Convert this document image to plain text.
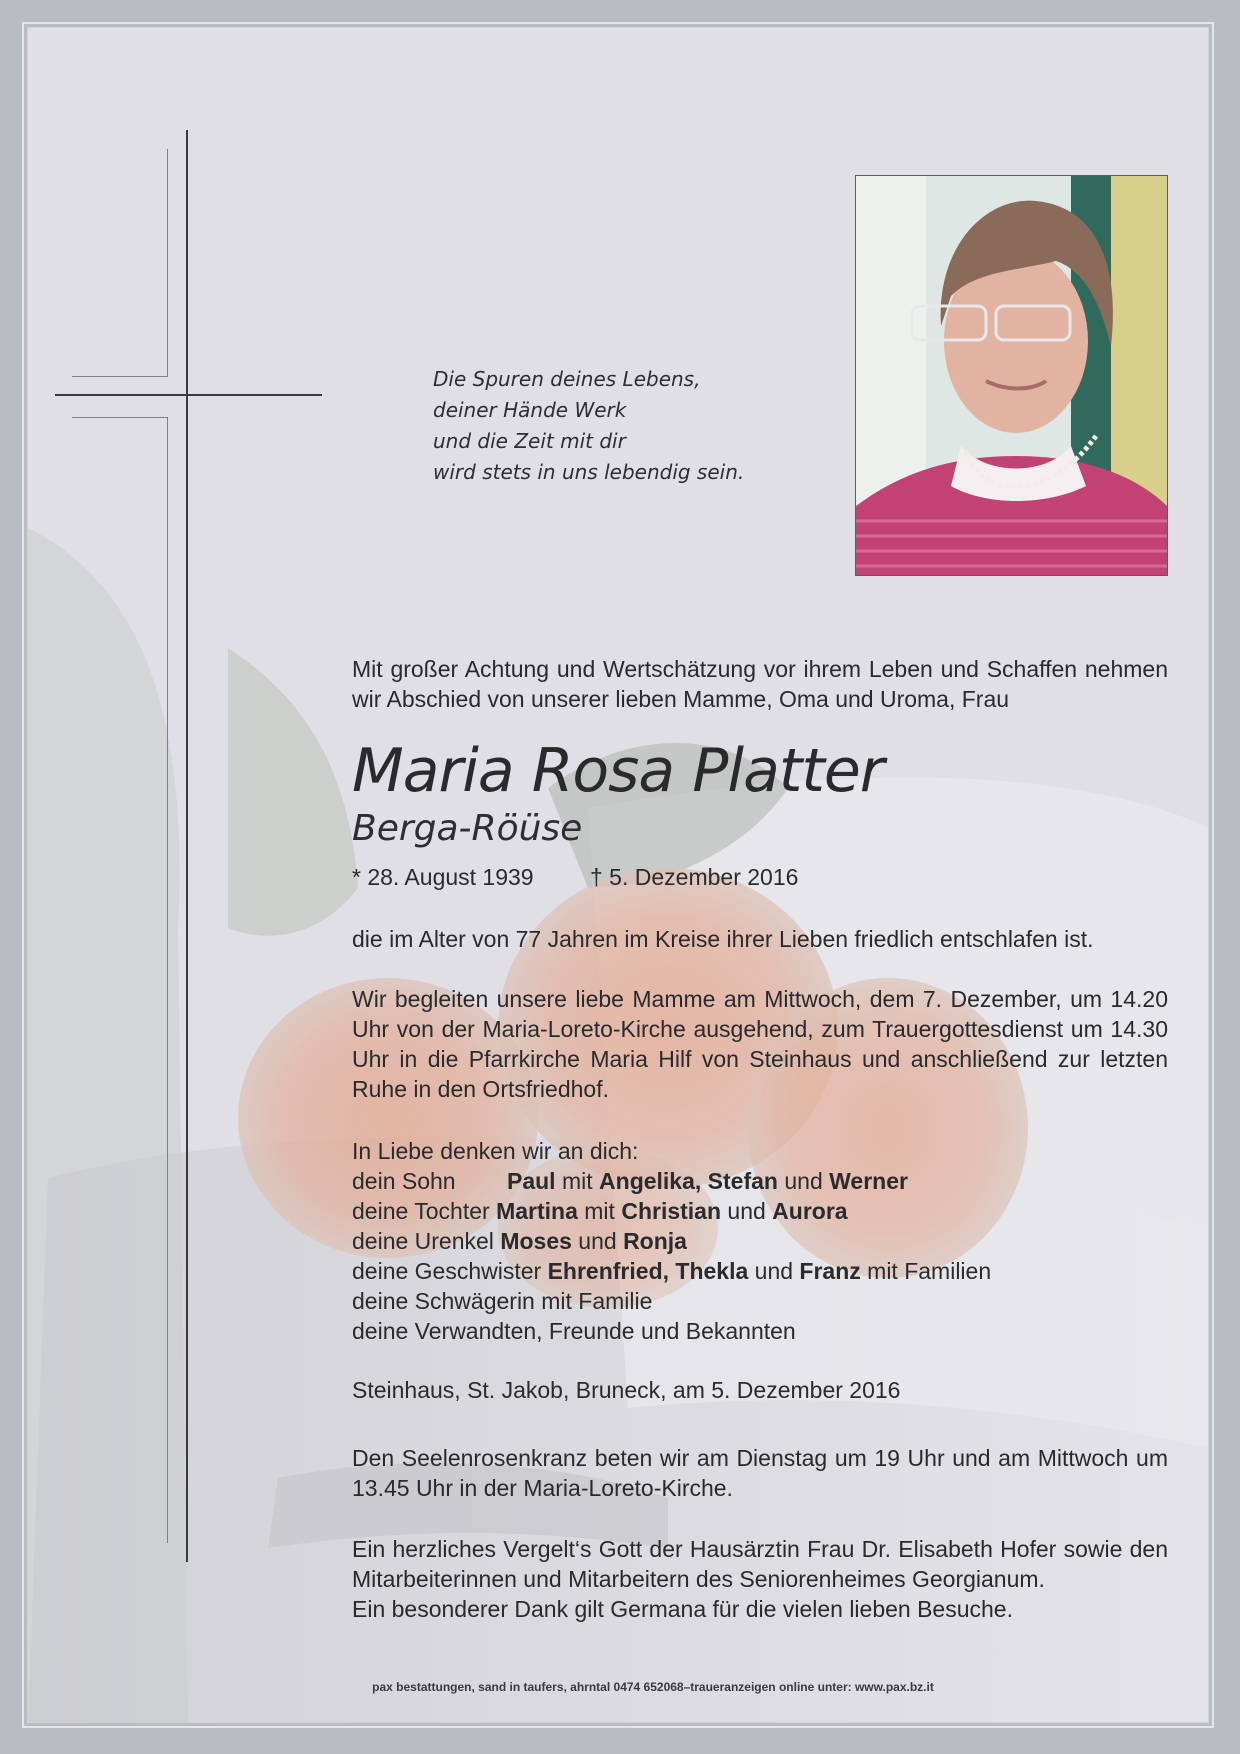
Die Spuren deines Lebens,
deiner Hände Werk
und die Zeit mit dir
wird stets in uns lebendig sein.
Mit großer Achtung und Wertschätzung vor ihrem Leben und Schaffen nehmen wir Abschied von unserer lieben Mamme, Oma und Uroma, Frau
Maria Rosa Platter
Berga-Röüse
* 28. August 1939 † 5. Dezember 2016
die im Alter von 77 Jahren im Kreise ihrer Lieben friedlich entschlafen ist.
Wir begleiten unsere liebe Mamme am Mittwoch, dem 7. Dezember, um 14.20 Uhr von der Maria-Loreto-Kirche ausgehend, zum Trauergottesdienst um 14.30 Uhr in die Pfarrkirche Maria Hilf von Steinhaus und anschließend zur letzten Ruhe in den Ortsfriedhof.
In Liebe denken wir an dich:
dein Sohn Paul mit Angelika, Stefan und Werner
deine Tochter Martina mit Christian und Aurora
deine Urenkel Moses und Ronja
deine Geschwister Ehrenfried, Thekla und Franz mit Familien
deine Schwägerin mit Familie
deine Verwandten, Freunde und Bekannten
Steinhaus, St. Jakob, Bruneck, am 5. Dezember 2016
Den Seelenrosenkranz beten wir am Dienstag um 19 Uhr und am Mittwoch um 13.45 Uhr in der Maria-Loreto-Kirche.
Ein herzliches Vergelt‘s Gott der Hausärztin Frau Dr. Elisabeth Hofer sowie den Mitarbeiterinnen und Mitarbeitern des Seniorenheimes Georgianum.
Ein besonderer Dank gilt Germana für die vielen lieben Besuche.
pax bestattungen, sand in taufers, ahrntal 0474 652068–traueranzeigen online unter: www.pax.bz.it
